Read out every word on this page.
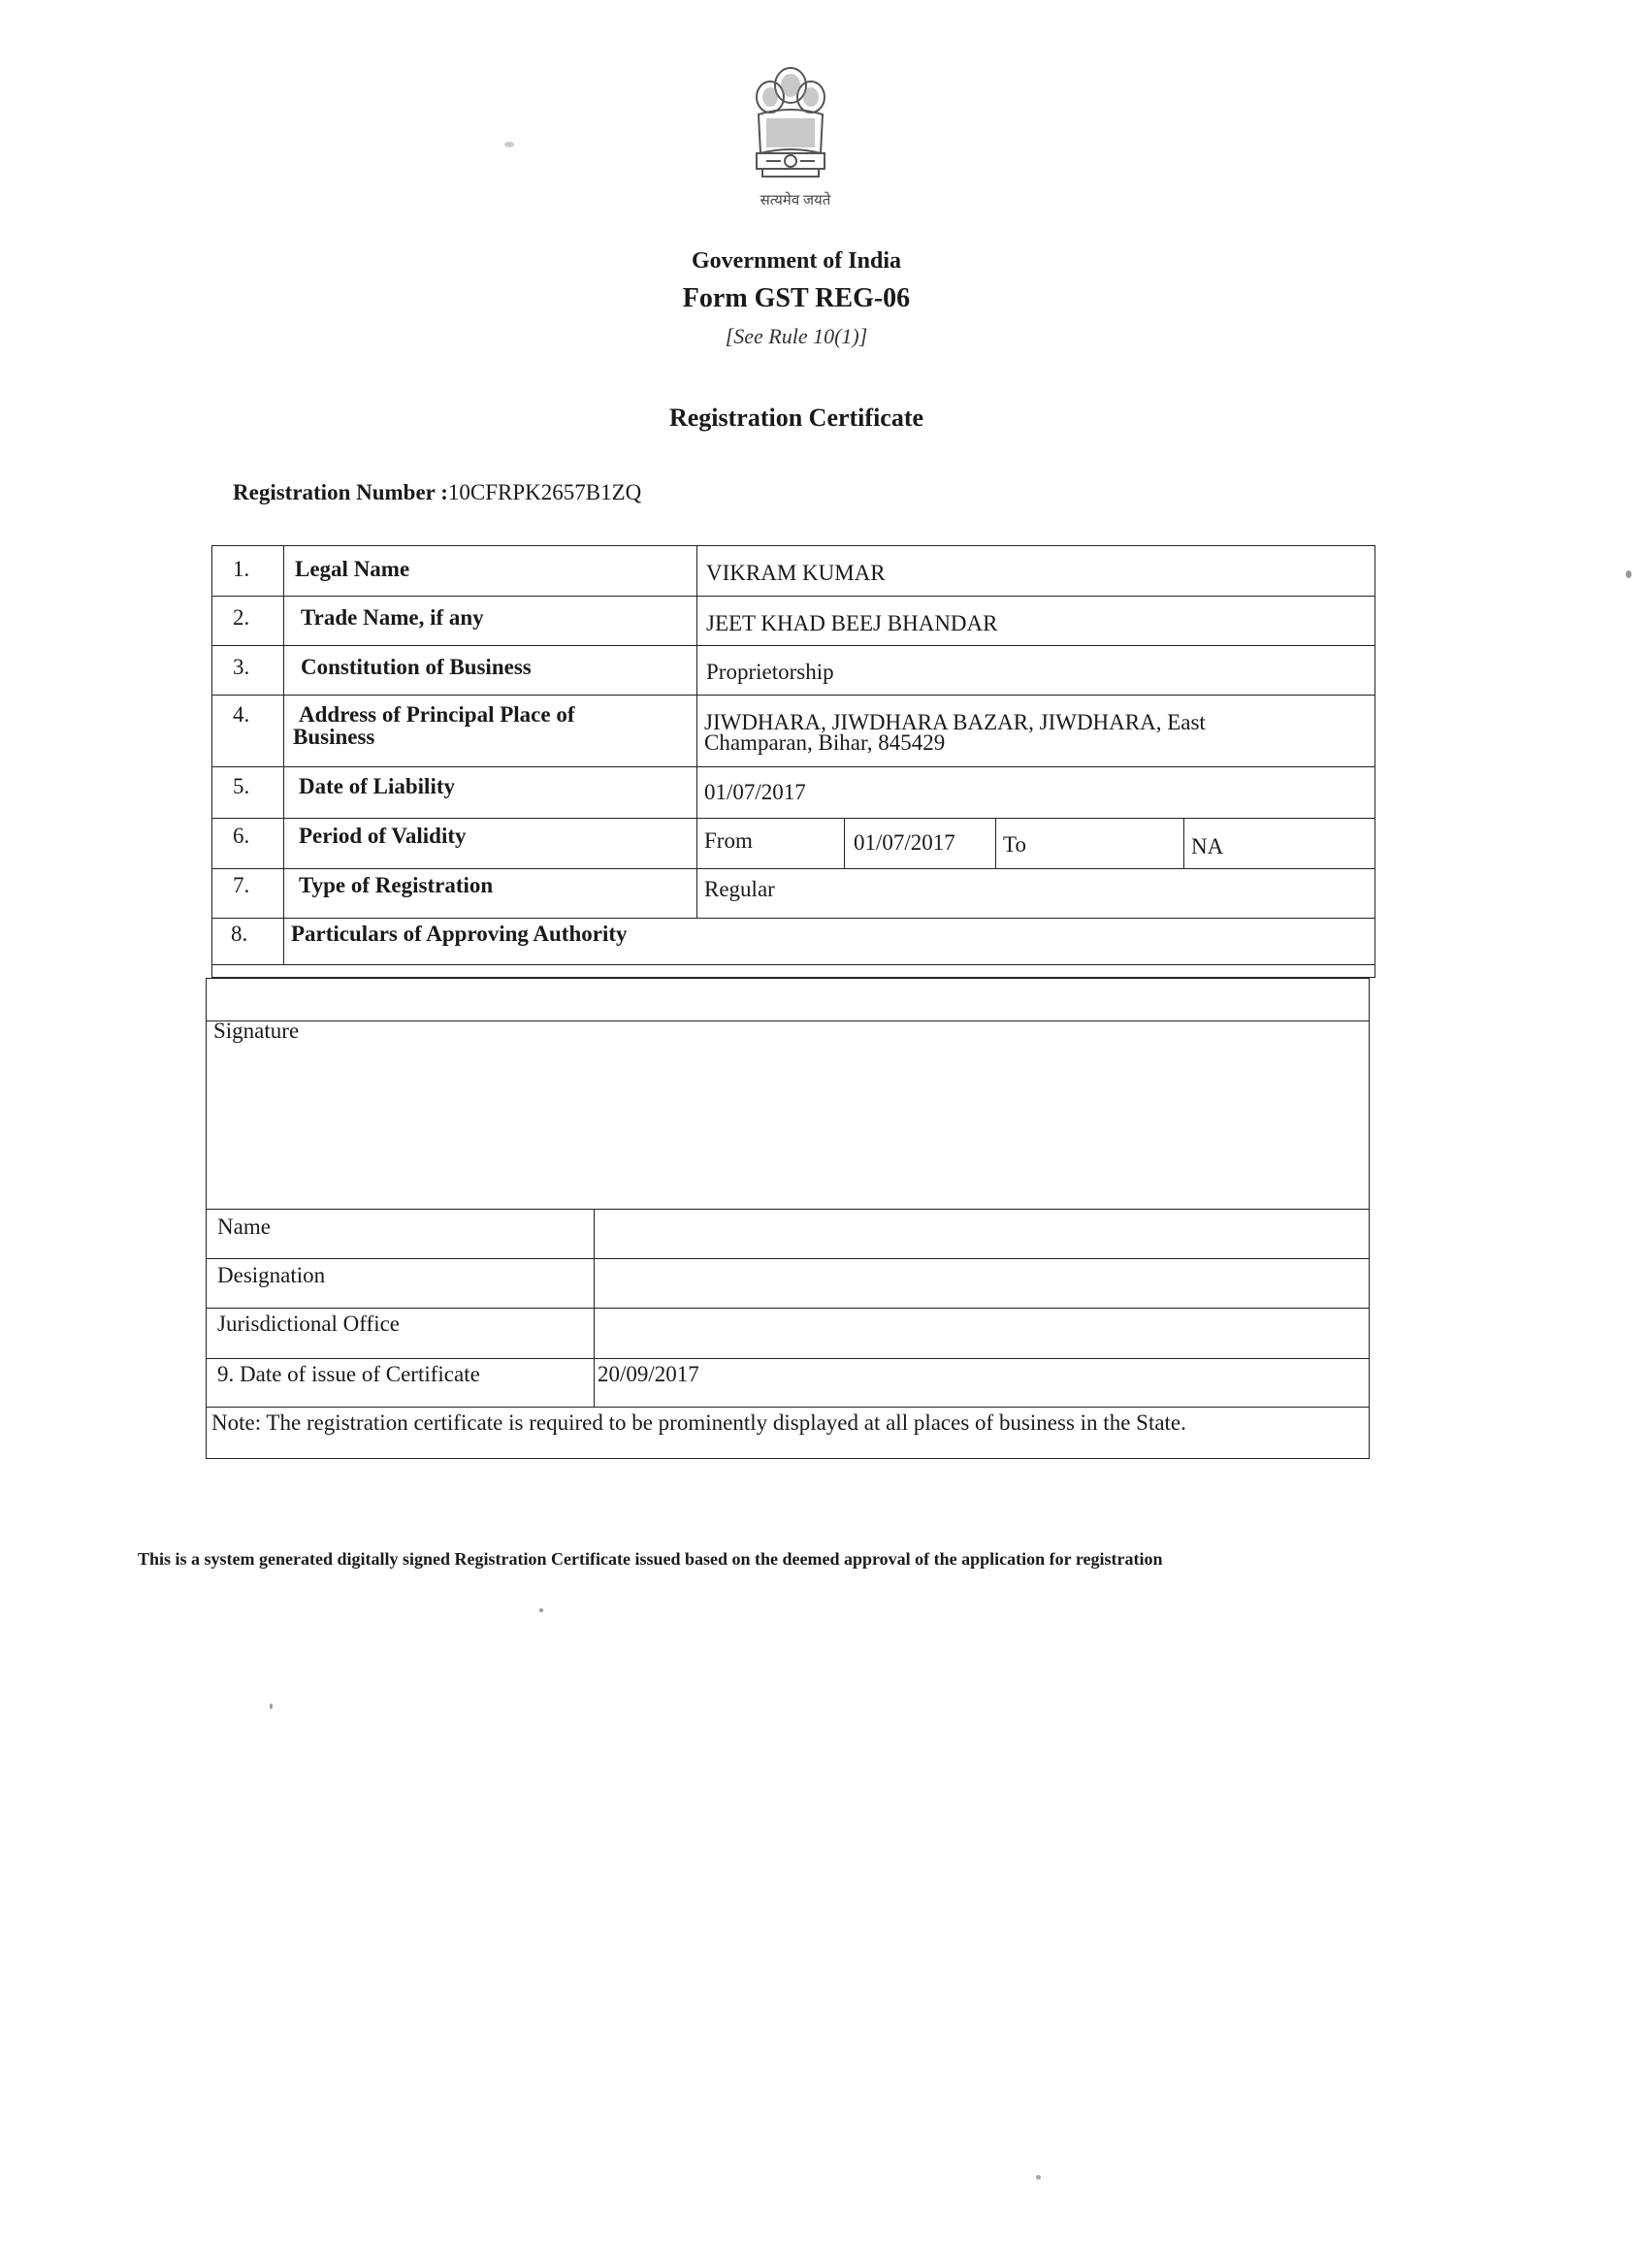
सत्यमेव जयते
Government of India
Form GST REG-06
[See Rule 10(1)]
Registration Certificate
Registration Number :10CFRPK2657B1ZQ
1. Legal Name	VIKRAM KUMAR
2. Trade Name, if any	JEET KHAD BEEJ BHANDAR
3. Constitution of Business	Proprietorship
4. Address of Principal Place of
Business
JIWDHARA, JIWDHARA BAZAR, JIWDHARA, East
Champaran, Bihar, 845429
5. Date of Liability	01/07/2017
6. Period of Validity	From	01/07/2017 To	NA
7. Type of Registration	Regular
8. Particulars of Approving Authority
Signature
Name
Designation
Jurisdictional Office
9. Date of issue of Certificate	20/09/2017
Note: The registration certificate is required to be prominently displayed at all places of business in the State.
This is a system generated digitally signed Registration Certificate issued based on the deemed approval of the application for registration
